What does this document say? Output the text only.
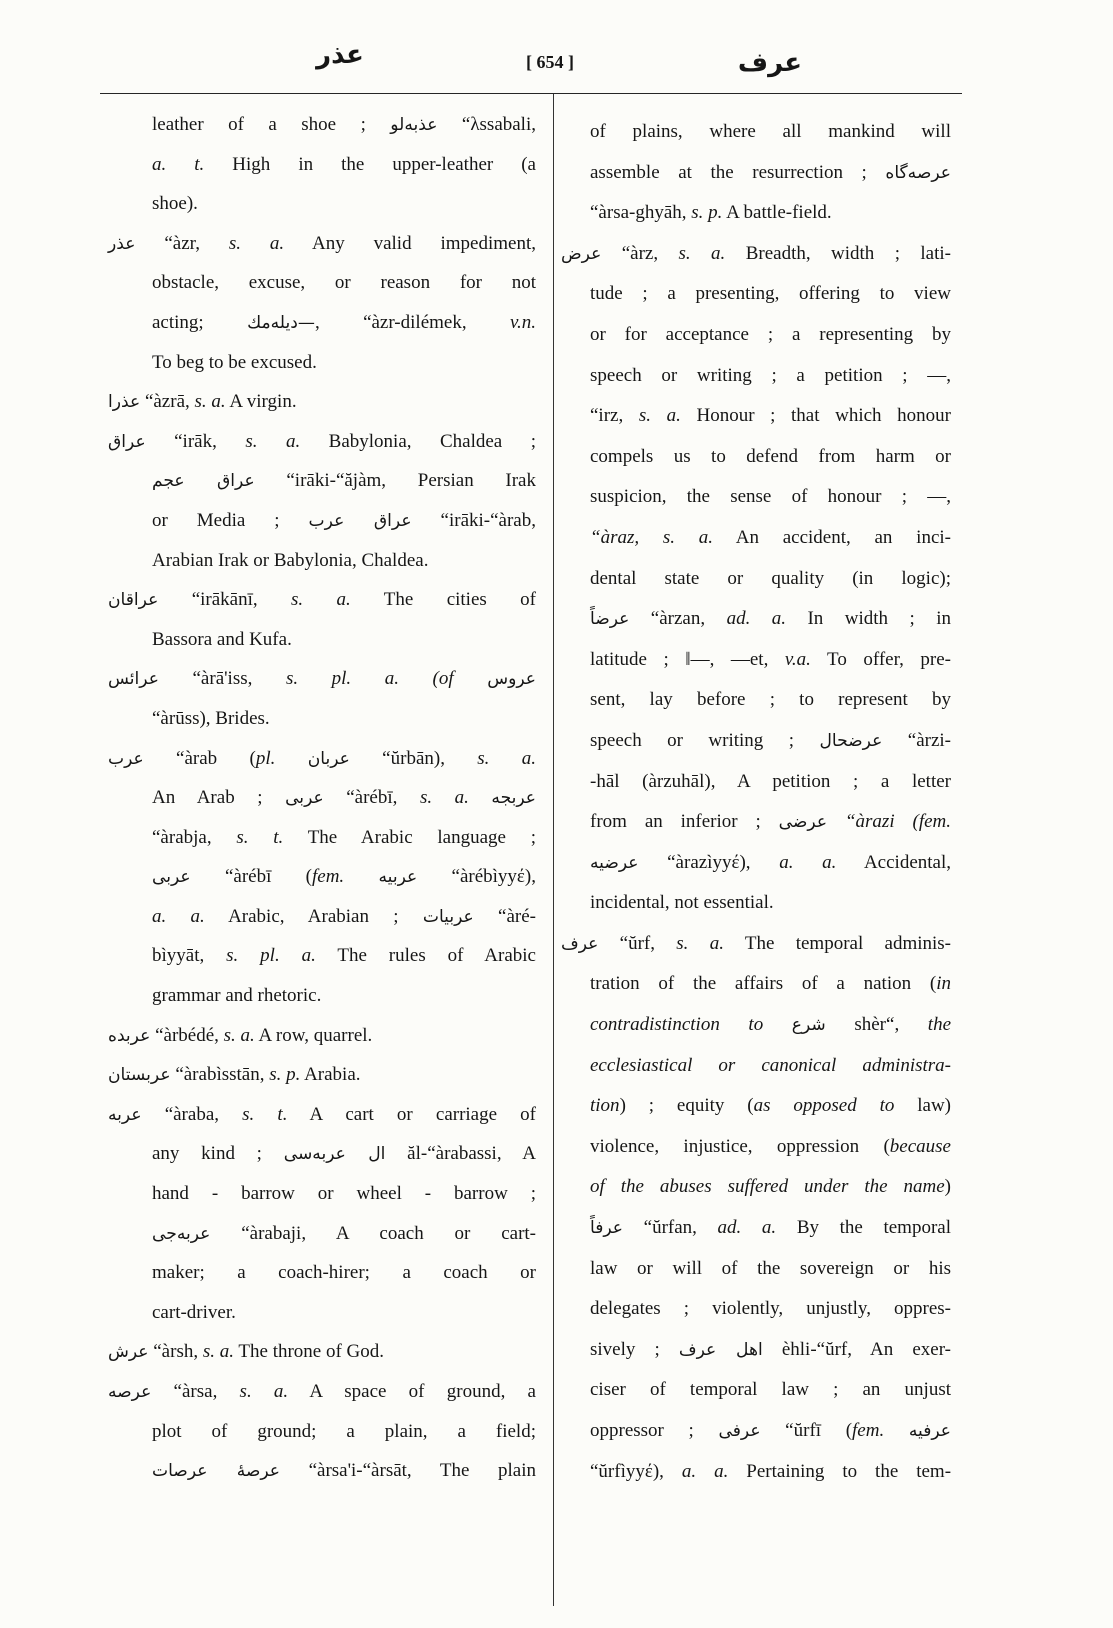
عذر	[ 654 ]	عرف
leather of a shoe ; عذبه‌لو “λssabali,
a. t. High in the upper-leather (a
shoe).
عذر “àzr, s. a. Any valid impediment,
obstacle, excuse, or reason for not
acting; —دیله‌مك, “àzr-dilémek, v.n.
To beg to be excused.
عذرا “àzrā, s. a. A virgin.
عراق “irāk, s. a. Babylonia, Chaldea ;
عراق عجم “irāki-“ăjàm, Persian Irak
or Media ; عراق عرب “irāki-“àrab,
Arabian Irak or Babylonia, Chaldea.
عراقان “irākānī, s. a. The cities of
Bassora and Kufa.
عرائس “àrā'iss, s. pl. a. (of عروس
“àrūss), Brides.
عرب “àrab (pl. عربان “ŭrbān), s. a.
An Arab ; عربی “àrébī, s. a. عربجه
“àrabja, s. t. The Arabic language ;
عربی “àrébī (fem. عربیه “àrébìyyέ),
a. a. Arabic, Arabian ; عربیات “àré-
bìyyāt, s. pl. a. The rules of Arabic
grammar and rhetoric.
عربده “àrbédé, s. a. A row, quarrel.
عربستان “àrabìsstān, s. p. Arabia.
عربه “àraba, s. t. A cart or carriage of
any kind ; ال عربه‌سی ăl-“àrabassi, A
hand - barrow or wheel - barrow ;
عربه‌جی “àrabaji, A coach or cart-
maker; a coach-hirer; a coach or
cart-driver.
عرش “àrsh, s. a. The throne of God.
عرصه “àrsa, s. a. A space of ground, a
plot of ground; a plain, a field;
عرصهٔ عرصات “àrsa'i-“àrsāt, The plain
of plains, where all mankind will
assemble at the resurrection ; عرصه‌گاه
“àrsa-ghyāh, s. p. A battle-field.
عرض “àrz, s. a. Breadth, width ; lati-
tude ; a presenting, offering to view
or for acceptance ; a representing by
speech or writing ; a petition ; —,
“irz, s. a. Honour ; that which honour
compels us to defend from harm or
suspicion, the sense of honour ; —,
“àraz, s. a. An accident, an inci-
dental state or quality (in logic);
عرضاً “àrzan, ad. a. In width ; in
latitude ; ‖—, —et, v.a. To offer, pre-
sent, lay before ; to represent by
speech or writing ; عرضحال “àrzi-
-hāl (àrzuhāl), A petition ; a letter
from an inferior ; عرضی “àrazi (fem.
عرضیه “àrazìyyέ), a. a. Accidental,
incidental, not essential.
عرف “ŭrf, s. a. The temporal adminis-
tration of the affairs of a nation (in
contradistinction to شرع shèr“, the
ecclesiastical or canonical administra-
tion) ; equity (as opposed to law)
violence, injustice, oppression (because
of the abuses suffered under the name)
عرفاً “ŭrfan, ad. a. By the temporal
law or will of the sovereign or his
delegates ; violently, unjustly, oppres-
sively ; اهل عرف èhli-“ŭrf, An exer-
ciser of temporal law ; an unjust
oppressor ; عرفی “ŭrfī (fem. عرفیه
“ŭrfìyyέ), a. a. Pertaining to the tem-
